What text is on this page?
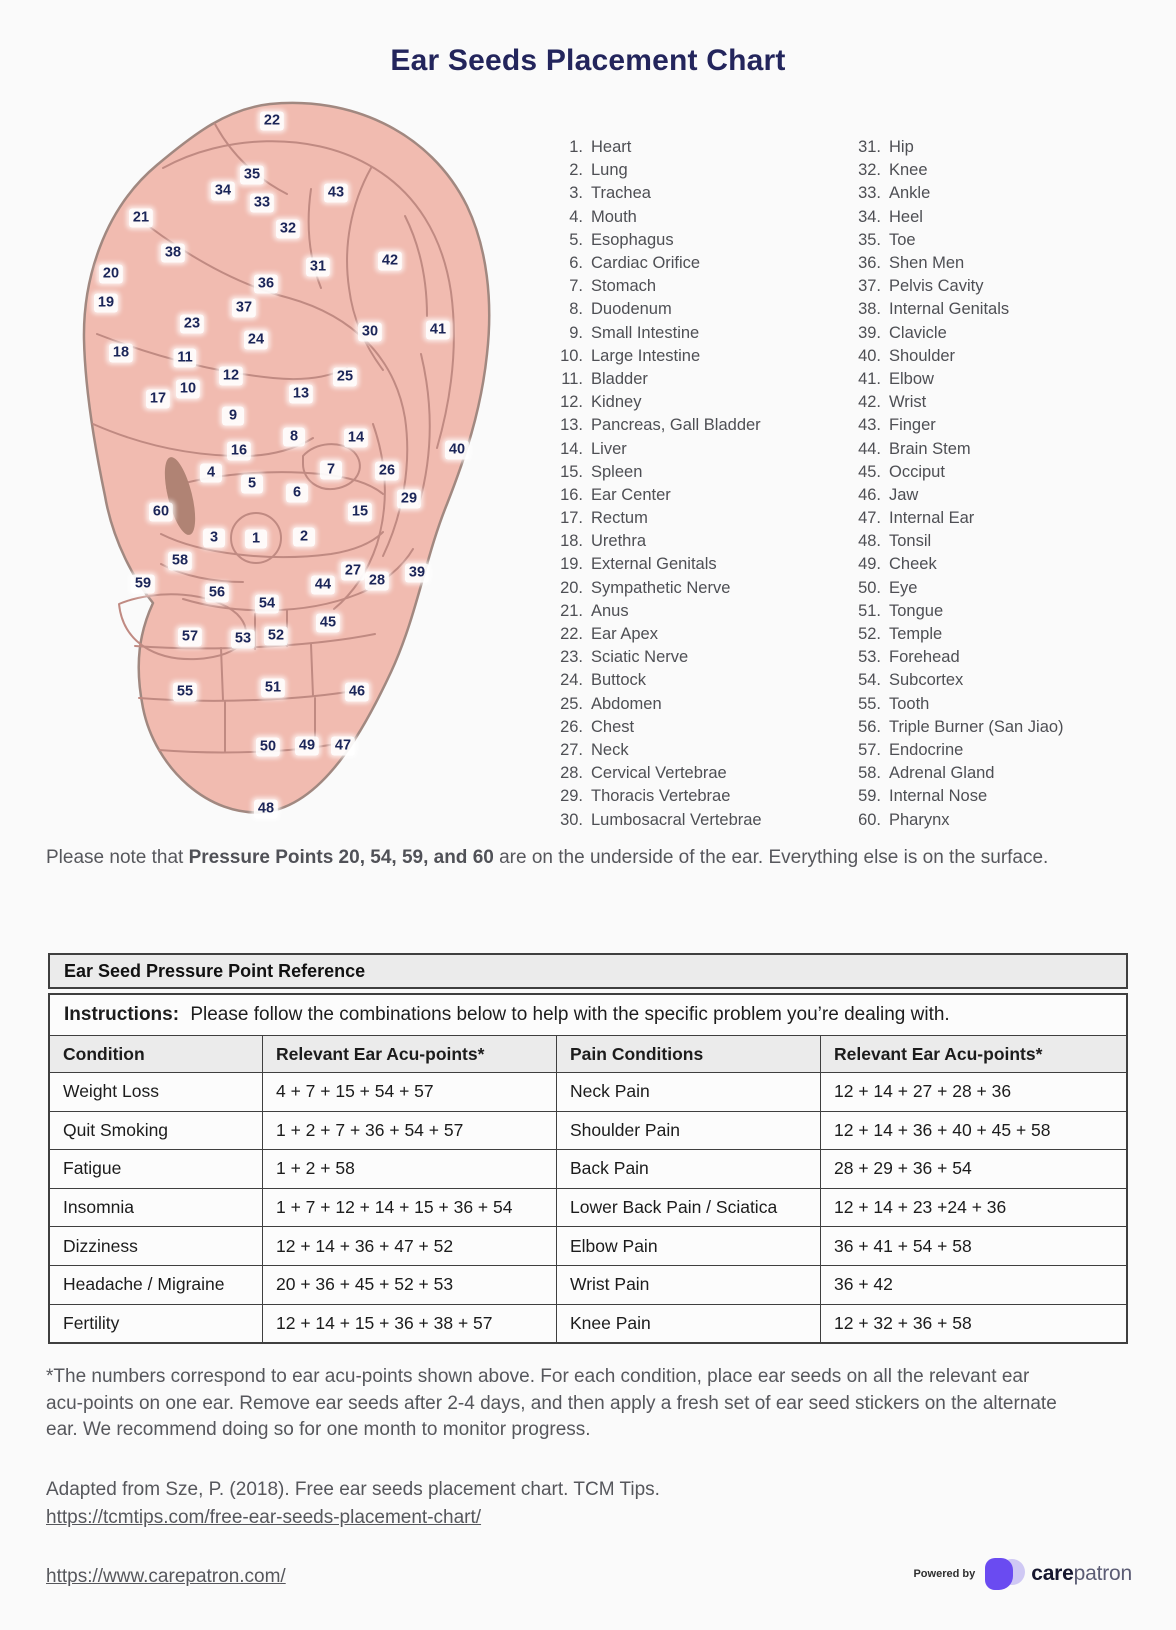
Ear Seeds Placement Chart
22
35
34
33
43
21
32
38
31	42
20
36
19	37
23
24	30	41
18	11
12	25
10	13
17
9
8	14
16	40
4	7	26
5
6	29
60	15
3	1	2
58
27
28 39
44
59
56
54
45
57	53 52
55	51	46
50 49 47
48
1. Heart
2. Lung
3. Trachea
4. Mouth
5. Esophagus
6. Cardiac Orifice
7. Stomach
8. Duodenum
9. Small Intestine
10. Large Intestine
11. Bladder
12. Kidney
13. Pancreas, Gall Bladder
14. Liver
15. Spleen
16. Ear Center
17. Rectum
18. Urethra
19. External Genitals
20. Sympathetic Nerve
21. Anus
22. Ear Apex
23. Sciatic Nerve
24. Buttock
25. Abdomen
26. Chest
27. Neck
28. Cervical Vertebrae
29. Thoracis Vertebrae
30. Lumbosacral Vertebrae
31. Hip
32. Knee
33. Ankle
34. Heel
35. Toe
36. Shen Men
37. Pelvis Cavity
38. Internal Genitals
39. Clavicle
40. Shoulder
41. Elbow
42. Wrist
43. Finger
44. Brain Stem
45. Occiput
46. Jaw
47. Internal Ear
48. Tonsil
49. Cheek
50. Eye
51. Tongue
52. Temple
53. Forehead
54. Subcortex
55. Tooth
56. Triple Burner (San Jiao)
57. Endocrine
58. Adrenal Gland
59. Internal Nose
60. Pharynx
Please note that Pressure Points 20, 54, 59, and 60 are on the underside of the ear. Everything else is on the surface.
Ear Seed Pressure Point Reference
Instructions: Please follow the combinations below to help with the specific problem you’re dealing with.
Condition	Relevant Ear Acu-points*	Pain Conditions	Relevant Ear Acu-points*
Weight Loss	4 + 7 + 15 + 54 + 57	Neck Pain	12 + 14 + 27 + 28 + 36
Quit Smoking	1 + 2 + 7 + 36 + 54 + 57	Shoulder Pain	12 + 14 + 36 + 40 + 45 + 58
Fatigue	1 + 2 + 58	Back Pain	28 + 29 + 36 + 54
Insomnia	1 + 7 + 12 + 14 + 15 + 36 + 54	Lower Back Pain / Sciatica	12 + 14 + 23 +24 + 36
Dizziness	12 + 14 + 36 + 47 + 52	Elbow Pain	36 + 41 + 54 + 58
Headache / Migraine	20 + 36 + 45 + 52 + 53	Wrist Pain	36 + 42
Fertility	12 + 14 + 15 + 36 + 38 + 57	Knee Pain	12 + 32 + 36 + 58
*The numbers correspond to ear acu-points shown above. For each condition, place ear seeds on all the relevant ear acu-points on one ear. Remove ear seeds after 2-4 days, and then apply a fresh set of ear seed stickers on the alternate ear. We recommend doing so for one month to monitor progress.
Adapted from Sze, P. (2018). Free ear seeds placement chart. TCM Tips.
https://tcmtips.com/free-ear-seeds-placement-chart/
https://www.carepatron.com/	Powered by	carepatron
